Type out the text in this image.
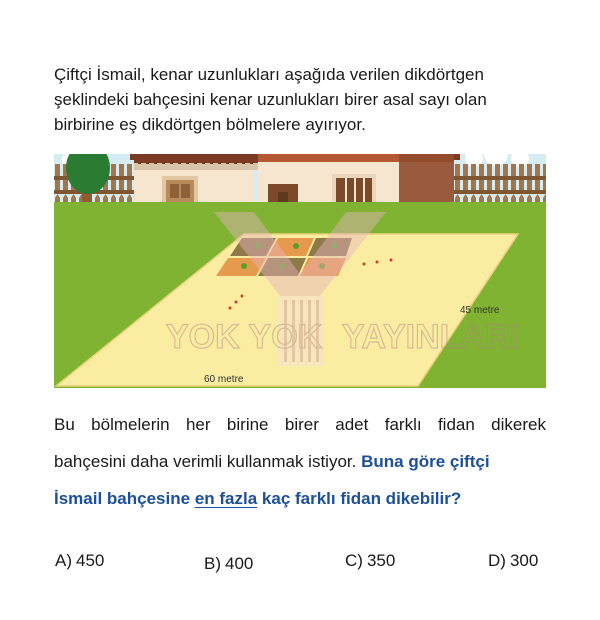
Çiftçi İsmail, kenar uzunlukları aşağıda verilen dikdörtgen
şeklindeki bahçesini kenar uzunlukları birer asal sayı olan
birbirine eş dikdörtgen bölmelere ayırıyor.

YOK YOK YAYINLARI
60 metre
45 metre

Bu bölmelerin her birine birer adet farklı fidan dikerek
bahçesini daha verimli kullanmak istiyor. Buna göre çiftçi
İsmail bahçesine en fazla kaç farklı fidan dikebilir?

A) 450	B) 400	C) 350	D) 300
